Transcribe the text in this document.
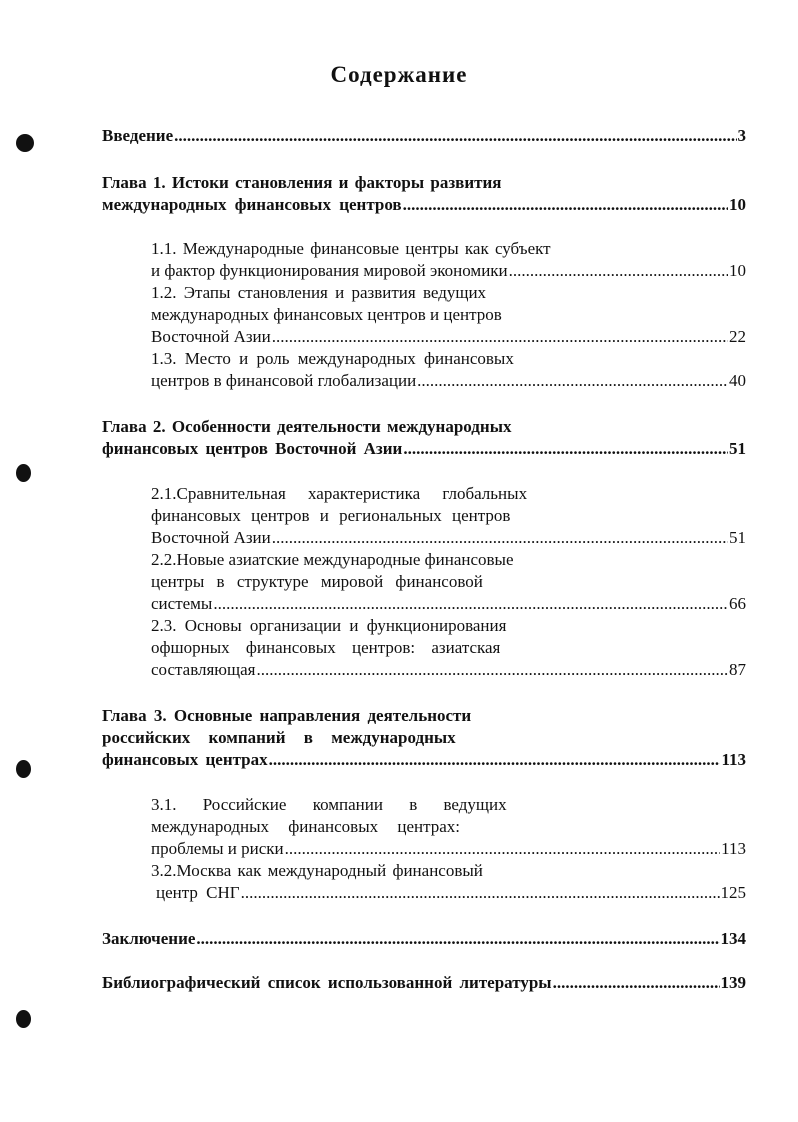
Содержание
Введение .....	3
Глава 1. Истоки становления и факторы развития
международных финансовых центров .....	10
1.1. Международные финансовые центры как субъект
и фактор функционирования мировой экономики .....	10
1.2. Этапы становления и развития ведущих
международных финансовых центров и центров
Восточной Азии .....	22
1.3. Место и роль международных финансовых
центров в финансовой глобализации .....	40
Глава 2. Особенности деятельности международных
финансовых центров Восточной Азии .....	51
2.1.Сравнительная характеристика глобальных
финансовых центров и региональных центров
Восточной Азии .....	51
2.2.Новые азиатские международные финансовые
центры в структуре мировой финансовой
системы .....	66
2.3. Основы организации и функционирования
офшорных финансовых центров: азиатская
составляющая .....	87
Глава 3. Основные направления деятельности
российских компаний в международных
финансовых центрах .....	113
3.1. Российские компании в ведущих
международных финансовых центрах:
проблемы и риски .....	113
3.2.Москва как международный финансовый
центр СНГ .....	125
Заключение .....	134
Библиографический список использованной литературы .....	139
